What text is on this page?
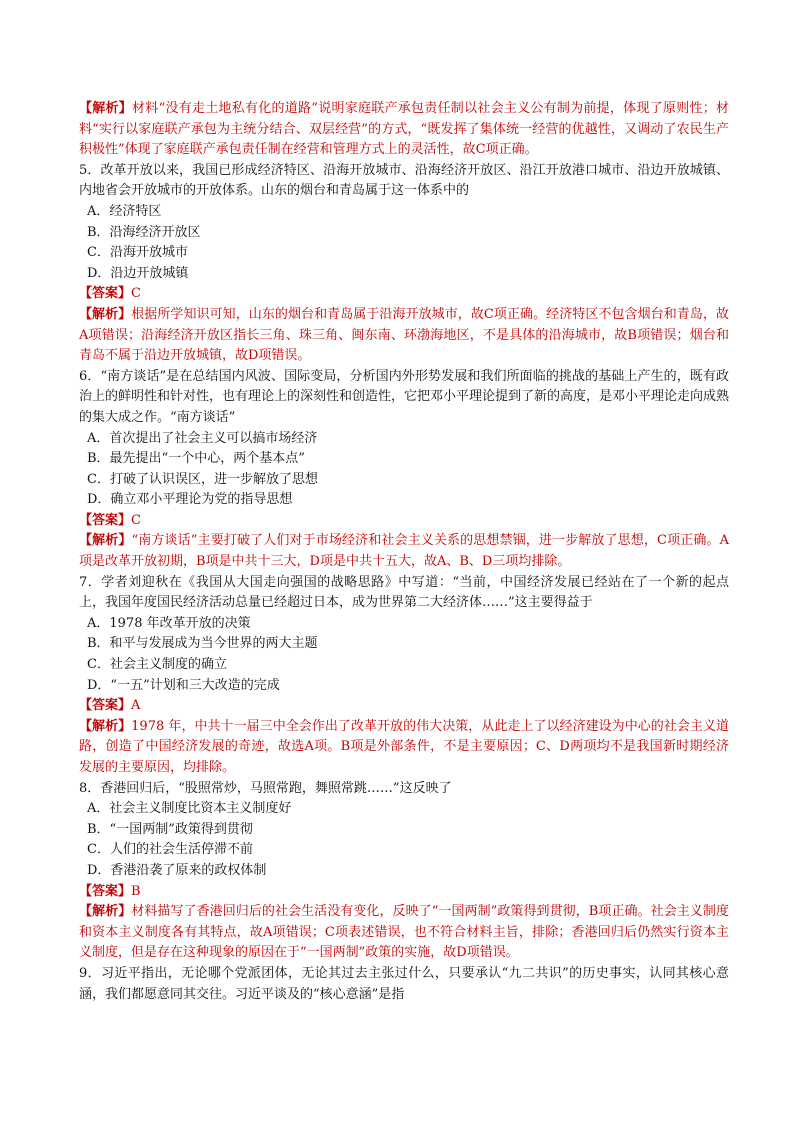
【解析】材料“没有走土地私有化的道路”说明家庭联产承包责任制以社会主义公有制为前提，体现了原则性；材料“实行以家庭联产承包为主统分结合、双层经营”的方式，“既发挥了集体统一经营的优越性，又调动了农民生产积极性”体现了家庭联产承包责任制在经营和管理方式上的灵活性，故C项正确。

5．改革开放以来，我国已形成经济特区、沿海开放城市、沿海经济开放区、沿江开放港口城市、沿边开放城镇、内地省会开放城市的开放体系。山东的烟台和青岛属于这一体系中的

A．经济特区

B．沿海经济开放区

C．沿海开放城市

D．沿边开放城镇

【答案】C

【解析】根据所学知识可知，山东的烟台和青岛属于沿海开放城市，故C项正确。经济特区不包含烟台和青岛，故A项错误；沿海经济开放区指长三角、珠三角、闽东南、环渤海地区，不是具体的沿海城市，故B项错误；烟台和青岛不属于沿边开放城镇，故D项错误。

6．“南方谈话”是在总结国内风波、国际变局，分析国内外形势发展和我们所面临的挑战的基础上产生的，既有政治上的鲜明性和针对性，也有理论上的深刻性和创造性，它把邓小平理论提到了新的高度，是邓小平理论走向成熟的集大成之作。“南方谈话”

A．首次提出了社会主义可以搞市场经济

B．最先提出“一个中心，两个基本点”

C．打破了认识误区，进一步解放了思想

D．确立邓小平理论为党的指导思想

【答案】C

【解析】“南方谈话”主要打破了人们对于市场经济和社会主义关系的思想禁锢，进一步解放了思想，C项正确。A项是改革开放初期，B项是中共十三大，D项是中共十五大，故A、B、D三项均排除。

7．学者刘迎秋在《我国从大国走向强国的战略思路》中写道：“当前，中国经济发展已经站在了一个新的起点上，我国年度国民经济活动总量已经超过日本，成为世界第二大经济体……”这主要得益于

A．1978 年改革开放的决策

B．和平与发展成为当今世界的两大主题

C．社会主义制度的确立

D．“一五”计划和三大改造的完成

【答案】A

【解析】1978 年，中共十一届三中全会作出了改革开放的伟大决策，从此走上了以经济建设为中心的社会主义道路，创造了中国经济发展的奇迹，故选A项。B项是外部条件，不是主要原因；C、D两项均不是我国新时期经济发展的主要原因，均排除。

8．香港回归后，“股照常炒，马照常跑，舞照常跳……”这反映了

A．社会主义制度比资本主义制度好

B．“一国两制”政策得到贯彻

C．人们的社会生活停滞不前

D．香港沿袭了原来的政权体制

【答案】B

【解析】材料描写了香港回归后的社会生活没有变化，反映了“一国两制”政策得到贯彻，B项正确。社会主义制度和资本主义制度各有其特点，故A项错误；C项表述错误，也不符合材料主旨，排除；香港回归后仍然实行资本主义制度，但是存在这种现象的原因在于“一国两制”政策的实施，故D项错误。

9．习近平指出，无论哪个党派团体，无论其过去主张过什么，只要承认“九二共识”的历史事实，认同其核心意涵，我们都愿意同其交往。习近平谈及的“核心意涵”是指
